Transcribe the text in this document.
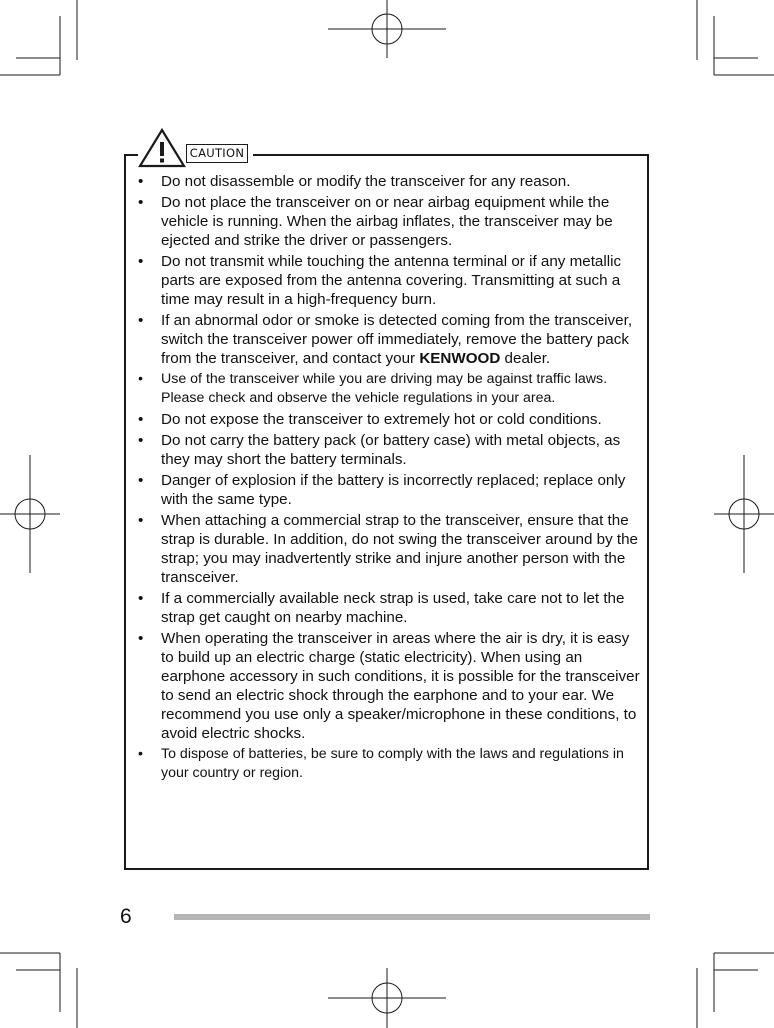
CAUTION
• Do not disassemble or modify the transceiver for any reason.
• Do not place the transceiver on or near airbag equipment while the vehicle is running. When the airbag inflates, the transceiver may be ejected and strike the driver or passengers.
• Do not transmit while touching the antenna terminal or if any metallic parts are exposed from the antenna covering. Transmitting at such a time may result in a high-frequency burn.
• If an abnormal odor or smoke is detected coming from the transceiver, switch the transceiver power off immediately, remove the battery pack from the transceiver, and contact your KENWOOD dealer.
• Use of the transceiver while you are driving may be against traffic laws. Please check and observe the vehicle regulations in your area.
• Do not expose the transceiver to extremely hot or cold conditions.
• Do not carry the battery pack (or battery case) with metal objects, as they may short the battery terminals.
• Danger of explosion if the battery is incorrectly replaced; replace only with the same type.
• When attaching a commercial strap to the transceiver, ensure that the strap is durable. In addition, do not swing the transceiver around by the strap; you may inadvertently strike and injure another person with the transceiver.
• If a commercially available neck strap is used, take care not to let the strap get caught on nearby machine.
• When operating the transceiver in areas where the air is dry, it is easy to build up an electric charge (static electricity). When using an earphone accessory in such conditions, it is possible for the transceiver to send an electric shock through the earphone and to your ear. We recommend you use only a speaker/microphone in these conditions, to avoid electric shocks.
• To dispose of batteries, be sure to comply with the laws and regulations in your country or region.
6
